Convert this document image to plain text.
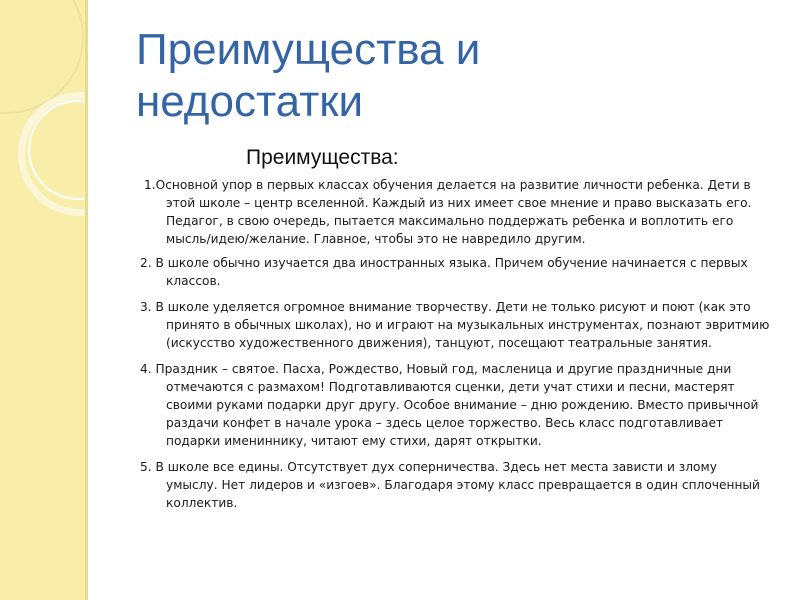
Преимущества и
недостатки
Преимущества:
1.Основной упор в первых классах обучения делается на развитие личности ребенка. Дети в этой школе – центр вселенной. Каждый из них имеет свое мнение и право высказать его. Педагог, в свою очередь, пытается максимально поддержать ребенка и воплотить его мысль/идею/желание. Главное, чтобы это не навредило другим.
2. В школе обычно изучается два иностранных языка. Причем обучение начинается с первых классов.
3. В школе уделяется огромное внимание творчеству. Дети не только рисуют и поют (как это принято в обычных школах), но и играют на музыкальных инструментах, познают эвритмию (искусство художественного движения), танцуют, посещают театральные занятия.
4. Праздник – святое. Пасха, Рождество, Новый год, масленица и другие праздничные дни отмечаются с размахом! Подготавливаются сценки, дети учат стихи и песни, мастерят своими руками подарки друг другу. Особое внимание – дню рождению. Вместо привычной раздачи конфет в начале урока – здесь целое торжество. Весь класс подготавливает подарки имениннику, читают ему стихи, дарят открытки.
5. В школе все едины. Отсутствует дух соперничества. Здесь нет места зависти и злому умыслу. Нет лидеров и «изгоев». Благодаря этому класс превращается в один сплоченный коллектив.
